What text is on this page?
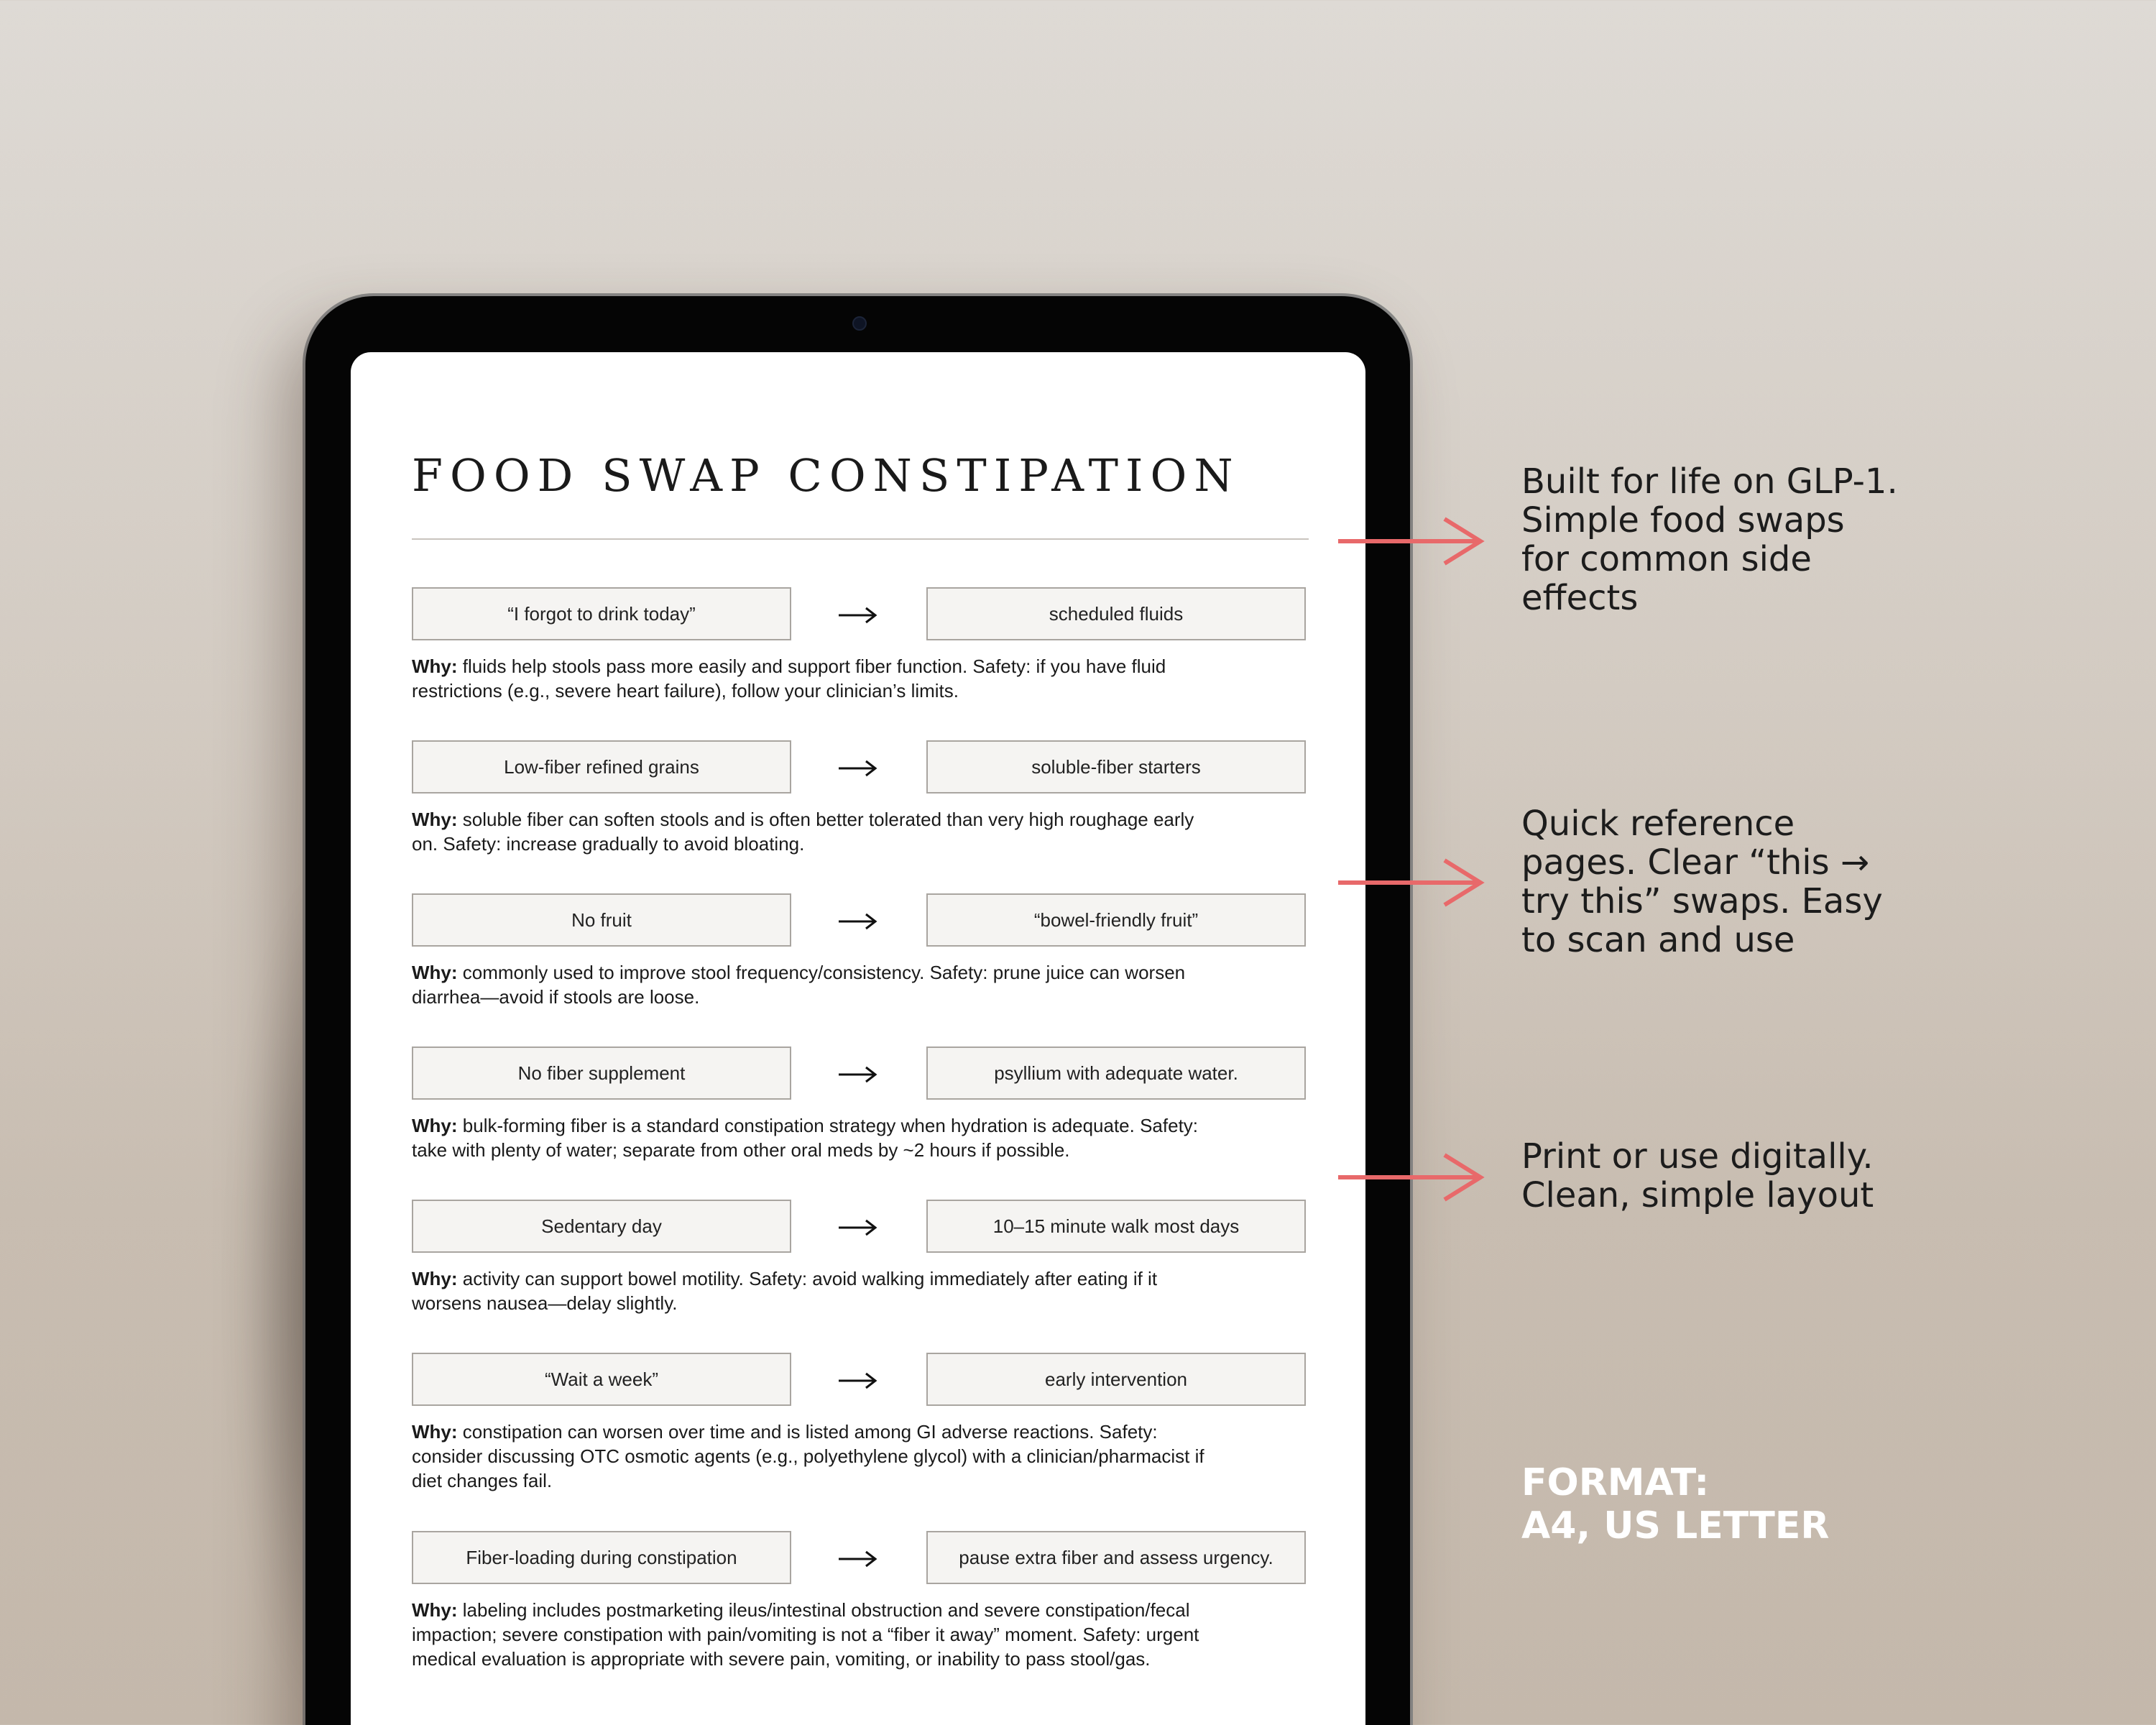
FOOD SWAP CONSTIPATION
“I forgot to drink today”	scheduled fluids

Why: fluids help stools pass more easily and support fiber function. Safety: if you have fluid
restrictions (e.g., severe heart failure), follow your clinician’s limits.

Low-fiber refined grains	soluble-fiber starters

Why: soluble fiber can soften stools and is often better tolerated than very high roughage early
on. Safety: increase gradually to avoid bloating.

No fruit	“bowel-friendly fruit”

Why: commonly used to improve stool frequency/consistency. Safety: prune juice can worsen
diarrhea—avoid if stools are loose.

No fiber supplement	psyllium with adequate water.

Why: bulk-forming fiber is a standard constipation strategy when hydration is adequate. Safety:
take with plenty of water; separate from other oral meds by ~2 hours if possible.

Sedentary day	10–15 minute walk most days

Why: activity can support bowel motility. Safety: avoid walking immediately after eating if it
worsens nausea—delay slightly.

“Wait a week”	early intervention

Why: constipation can worsen over time and is listed among GI adverse reactions. Safety:
consider discussing OTC osmotic agents (e.g., polyethylene glycol) with a clinician/pharmacist if
diet changes fail.

Fiber-loading during constipation	pause extra fiber and assess urgency.

Why: labeling includes postmarketing ileus/intestinal obstruction and severe constipation/fecal
impaction; severe constipation with pain/vomiting is not a “fiber it away” moment. Safety: urgent
medical evaluation is appropriate with severe pain, vomiting, or inability to pass stool/gas.

Built for life on GLP-1.
Simple food swaps
for common side
effects

Quick reference
pages. Clear “this →
try this” swaps. Easy
to scan and use

Print or use digitally.
Clean, simple layout

FORMAT:
A4, US LETTER
